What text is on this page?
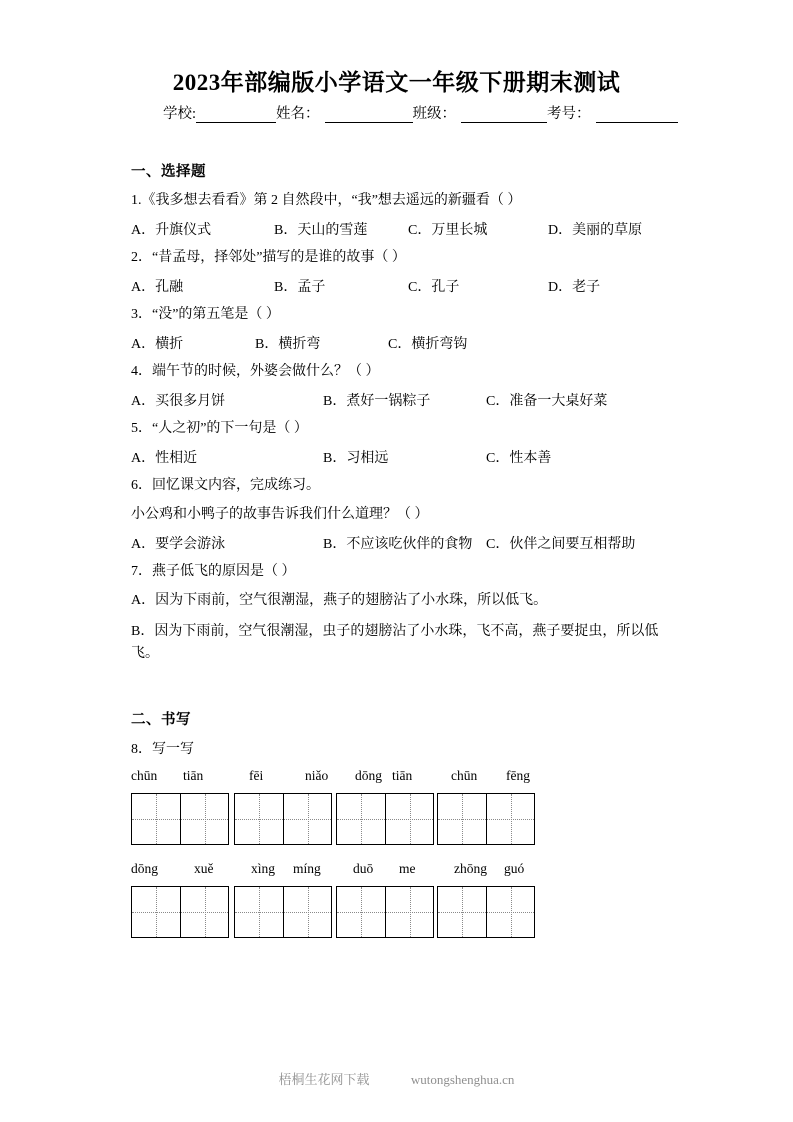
2023年部编版小学语文一年级下册期末测试
学校:	姓名：	班级：	考号：
一、选择题

1.《我多想去看看》第 2 自然段中，“我”想去遥远的新疆看（ ）

A．升旗仪式	B．天山的雪莲	C．万里长城	D．美丽的草原

2．“昔孟母，择邻处”描写的是谁的故事（ ）

A．孔融	B．孟子	C．孔子	D．老子

3．“没”的第五笔是（ ）

A．横折	B．横折弯	C．横折弯钩

4．端午节的时候，外婆会做什么？（ ）

A．买很多月饼	B．煮好一锅粽子	C．准备一大桌好菜

5．“人之初”的下一句是（ ）

A．性相近	B．习相远	C．性本善

6．回忆课文内容，完成练习。

小公鸡和小鸭子的故事告诉我们什么道理？（ ）

A．要学会游泳	B．不应该吃伙伴的食物 C．伙伴之间要互相帮助

7．燕子低飞的原因是（ ）

A．因为下雨前，空气很潮湿，燕子的翅膀沾了小水珠，所以低飞。

B．因为下雨前，空气很潮湿，虫子的翅膀沾了小水珠，飞不高，燕子要捉虫，所以低飞。

二、书写

8．写一写

chūn tiān	fēi	niǎo dōng tiān	chūn fēng
dōng	xuě	xìng míng duō me	zhōng guó
梧桐生花网下载	wutongshenghua.cn
